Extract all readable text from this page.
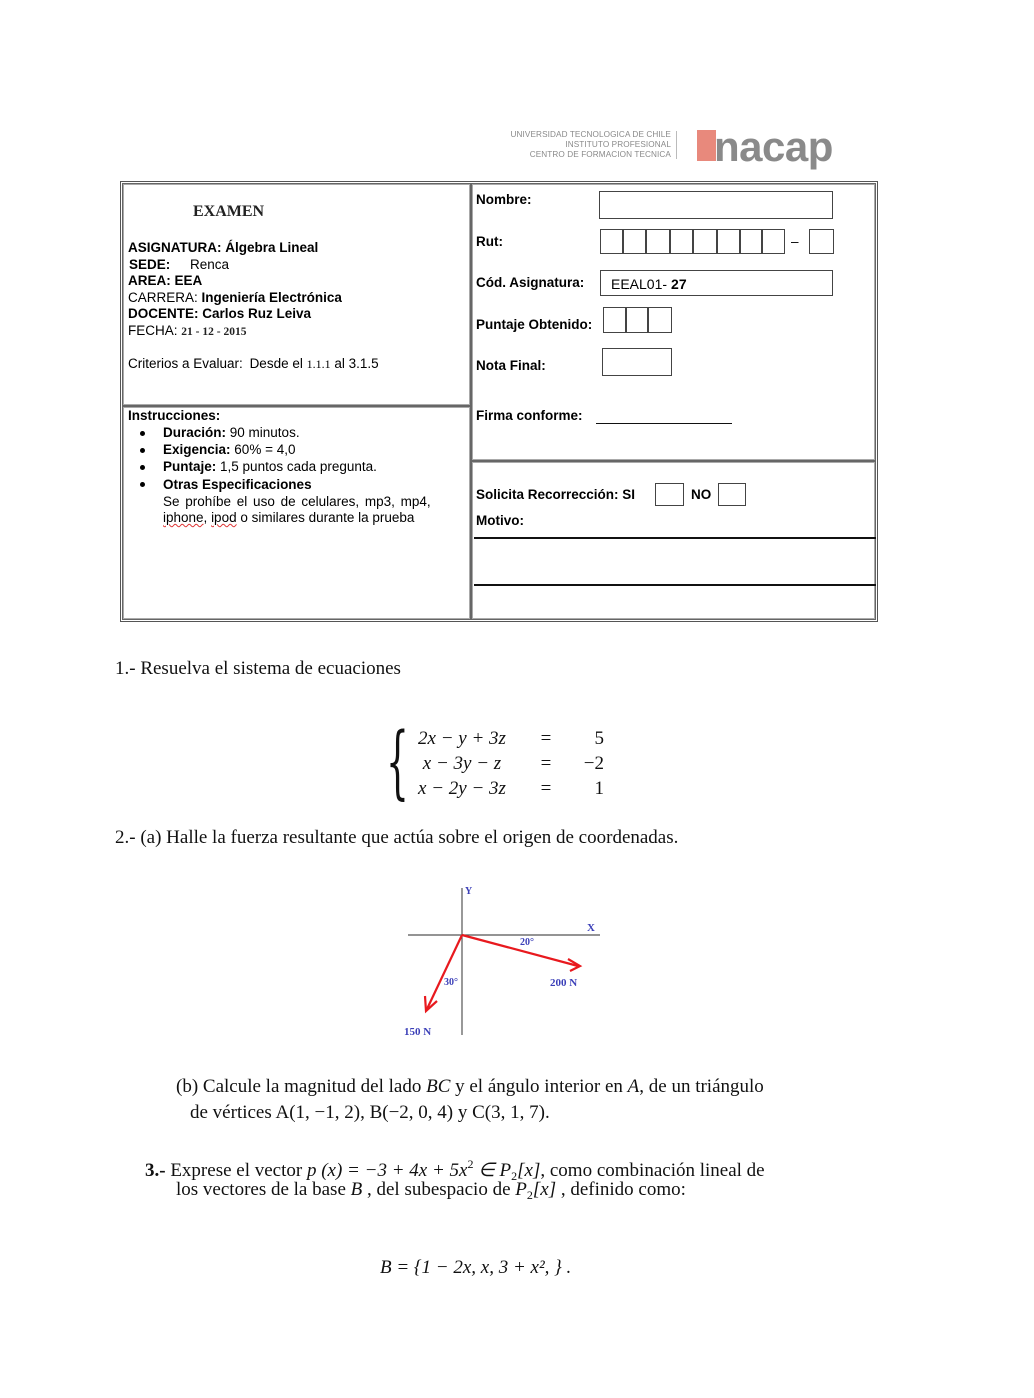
UNIVERSIDAD TECNOLOGICA DE CHILE
INSTITUTO PROFESIONAL
CENTRO DE FORMACION TECNICA nacap
EXAMEN
ASIGNATURA: Álgebra Lineal
SEDE: Renca
AREA: EEA
CARRERA: Ingeniería Electrónica
DOCENTE: Carlos Ruz Leiva
FECHA: 21 - 12 - 2015
Criterios a Evaluar: Desde el 1.1.1 al 3.1.5
Instrucciones:
Duración: 90 minutos.
Exigencia: 60% = 4,0
Puntaje: 1,5 puntos cada pregunta.
Otras Especificaciones
Se prohíbe el uso de celulares, mp3, mp4,
iphone, ipod o similares durante la prueba
Nombre:
Rut:	–
Cód. Asignatura: EEAL01- 27
Puntaje Obtenido:
Nota Final:
Firma conforme:
Solicita Recorrección: SI	NO
Motivo:
1.- Resuelva el sistema de ecuaciones
{ 2x − y + 3z	=	5
x − 3y − z	=	−2
x − 2y − 3z	=	1
2.- (a) Halle la fuerza resultante que actúa sobre el origen de coordenadas.
Y
X
20°
200 N
30°
150 N
(b) Calcule la magnitud del lado BC y el ángulo interior en A, de un triángulo
de vértices A(1, −1, 2), B(−2, 0, 4) y C(3, 1, 7).
3.- Exprese el vector p $(x) = -3 + 4x + 5x^2$ ∈ $P_2[x]$, como combinación lineal de
los vectores de la base B , del subespacio de $P_2[x]$ , definido como:
B = {1 − 2x, x, 3 + x², } .
